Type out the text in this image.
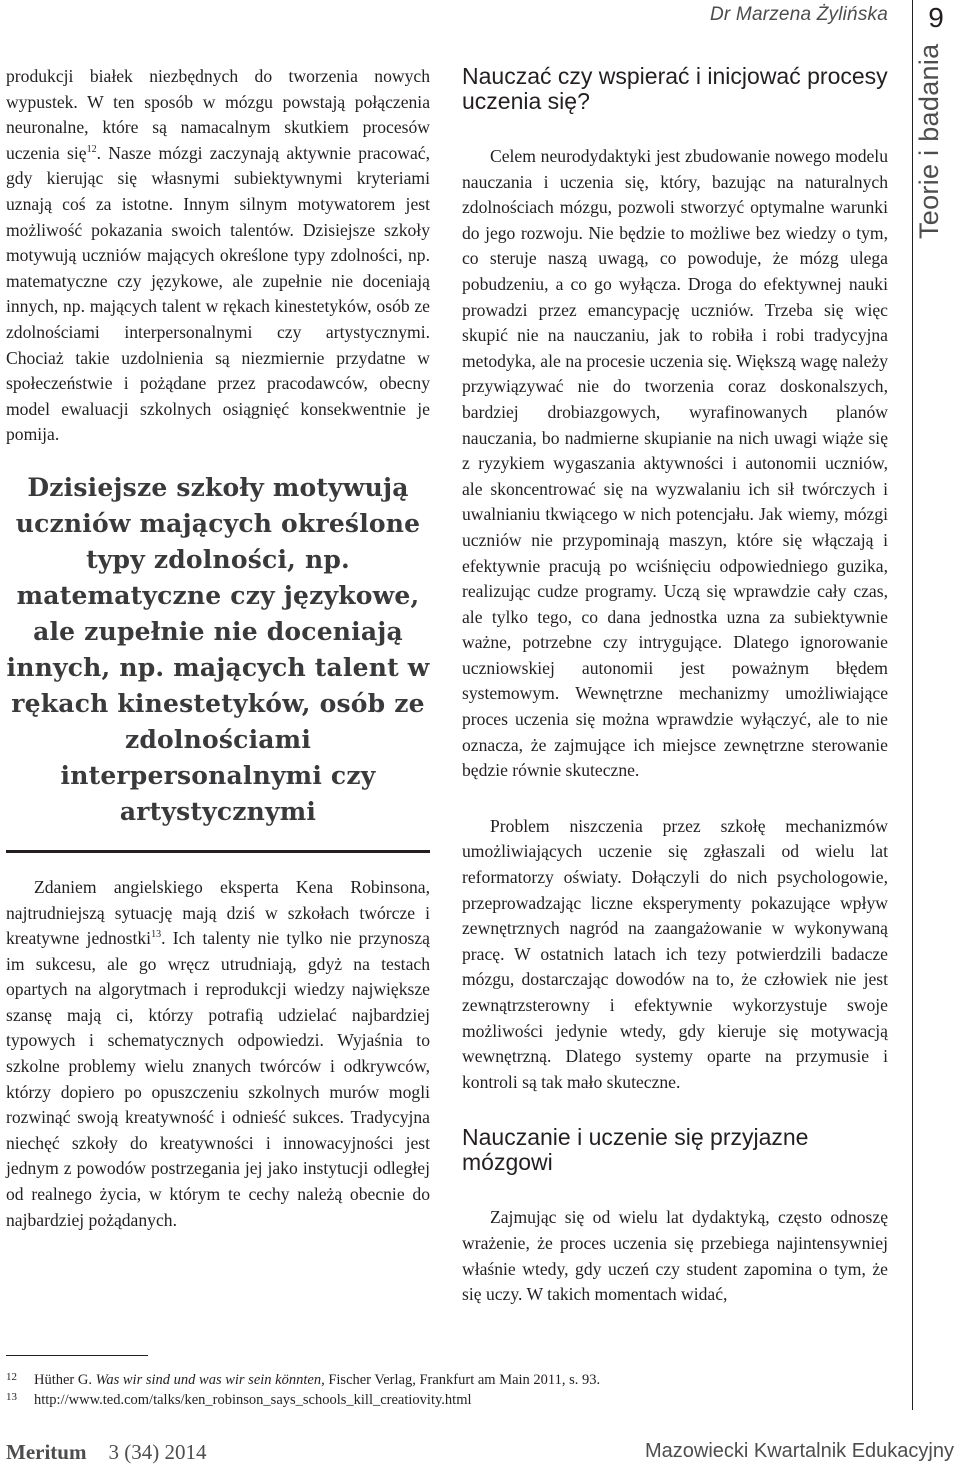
Dr Marzena Żylińska 9
Teorie i badania

produkcji białek niezbędnych do tworzenia nowych wypustek. W ten sposób w mózgu powstają połączenia neuronalne, które są namacalnym skutkiem procesów uczenia się$^{12}$. Nasze mózgi zaczynają aktywnie pracować, gdy kierując się własnymi subiektywnymi kryteriami uznają coś za istotne. Innym silnym motywatorem jest możliwość pokazania swoich talentów. Dzisiejsze szkoły motywują uczniów mających określone typy zdolności, np. matematyczne czy językowe, ale zupełnie nie doceniają innych, np. mających talent w rękach kinestetyków, osób ze zdolnościami interpersonalnymi czy artystycznymi. Chociaż takie uzdolnienia są niezmiernie przydatne w społeczeństwie i pożądane przez pracodawców, obecny model ewaluacji szkolnych osiągnięć konsekwentnie je pomija.

Dzisiejsze szkoły motywują uczniów mających określone typy zdolności, np. matematyczne czy językowe, ale zupełnie nie doceniają innych, np. mających talent w rękach kinestetyków, osób ze zdolnościami interpersonalnymi czy artystycznymi

Zdaniem angielskiego eksperta Kena Robinsona, najtrudniejszą sytuację mają dziś w szkołach twórcze i kreatywne jednostki$^{13}$. Ich talenty nie tylko nie przynoszą im sukcesu, ale go wręcz utrudniają, gdyż na testach opartych na algorytmach i reprodukcji wiedzy największe szansę mają ci, którzy potrafią udzielać najbardziej typowych i schematycznych odpowiedzi. Wyjaśnia to szkolne problemy wielu znanych twórców i odkrywców, którzy dopiero po opuszczeniu szkolnych murów mogli rozwinąć swoją kreatywność i odnieść sukces. Tradycyjna niechęć szkoły do kreatywności i innowacyjności jest jednym z powodów postrzegania jej jako instytucji odległej od realnego życia, w którym te cechy należą obecnie do najbardziej pożądanych.

Nauczać czy wspierać i inicjować procesy uczenia się?

Celem neurodydaktyki jest zbudowanie nowego modelu nauczania i uczenia się, który, bazując na naturalnych zdolnościach mózgu, pozwoli stworzyć optymalne warunki do jego rozwoju. Nie będzie to możliwe bez wiedzy o tym, co steruje naszą uwagą, co powoduje, że mózg ulega pobudzeniu, a co go wyłącza. Droga do efektywnej nauki prowadzi przez emancypację uczniów. Trzeba się więc skupić nie na nauczaniu, jak to robiła i robi tradycyjna metodyka, ale na procesie uczenia się. Większą wagę należy przywiązywać nie do tworzenia coraz doskonalszych, bardziej drobiazgowych, wyrafinowanych planów nauczania, bo nadmierne skupianie na nich uwagi wiąże się z ryzykiem wygaszania aktywności i autonomii uczniów, ale skoncentrować się na wyzwalaniu ich sił twórczych i uwalnianiu tkwiącego w nich potencjału. Jak wiemy, mózgi uczniów nie przypominają maszyn, które się włączają i efektywnie pracują po wciśnięciu odpowiedniego guzika, realizując cudze programy. Uczą się wprawdzie cały czas, ale tylko tego, co dana jednostka uzna za subiektywnie ważne, potrzebne czy intrygujące. Dlatego ignorowanie uczniowskiej autonomii jest poważnym błędem systemowym. Wewnętrzne mechanizmy umożliwiające proces uczenia się można wprawdzie wyłączyć, ale to nie oznacza, że zajmujące ich miejsce zewnętrzne sterowanie będzie równie skuteczne.

Problem niszczenia przez szkołę mechanizmów umożliwiających uczenie się zgłaszali od wielu lat reformatorzy oświaty. Dołączyli do nich psychologowie, przeprowadzając liczne eksperymenty pokazujące wpływ zewnętrznych nagród na zaangażowanie w wykonywaną pracę. W ostatnich latach ich tezy potwierdzili badacze mózgu, dostarczając dowodów na to, że człowiek nie jest zewnątrzsterowny i efektywnie wykorzystuje swoje możliwości jedynie wtedy, gdy kieruje się motywacją wewnętrzną. Dlatego systemy oparte na przymusie i kontroli są tak mało skuteczne.

Nauczanie i uczenie się przyjazne mózgowi

Zajmując się od wielu lat dydaktyką, często odnoszę wrażenie, że proces uczenia się przebiega najintensywniej właśnie wtedy, gdy uczeń czy student zapomina o tym, że się uczy. W takich momentach widać,

12 Hüther G. Was wir sind und was wir sein könnten, Fischer Verlag, Frankfurt am Main 2011, s. 93.
13 http://www.ted.com/talks/ken_robinson_says_schools_kill_creatiovity.html
Meritum 3 (34) 2014	Mazowiecki Kwartalnik Edukacyjny
